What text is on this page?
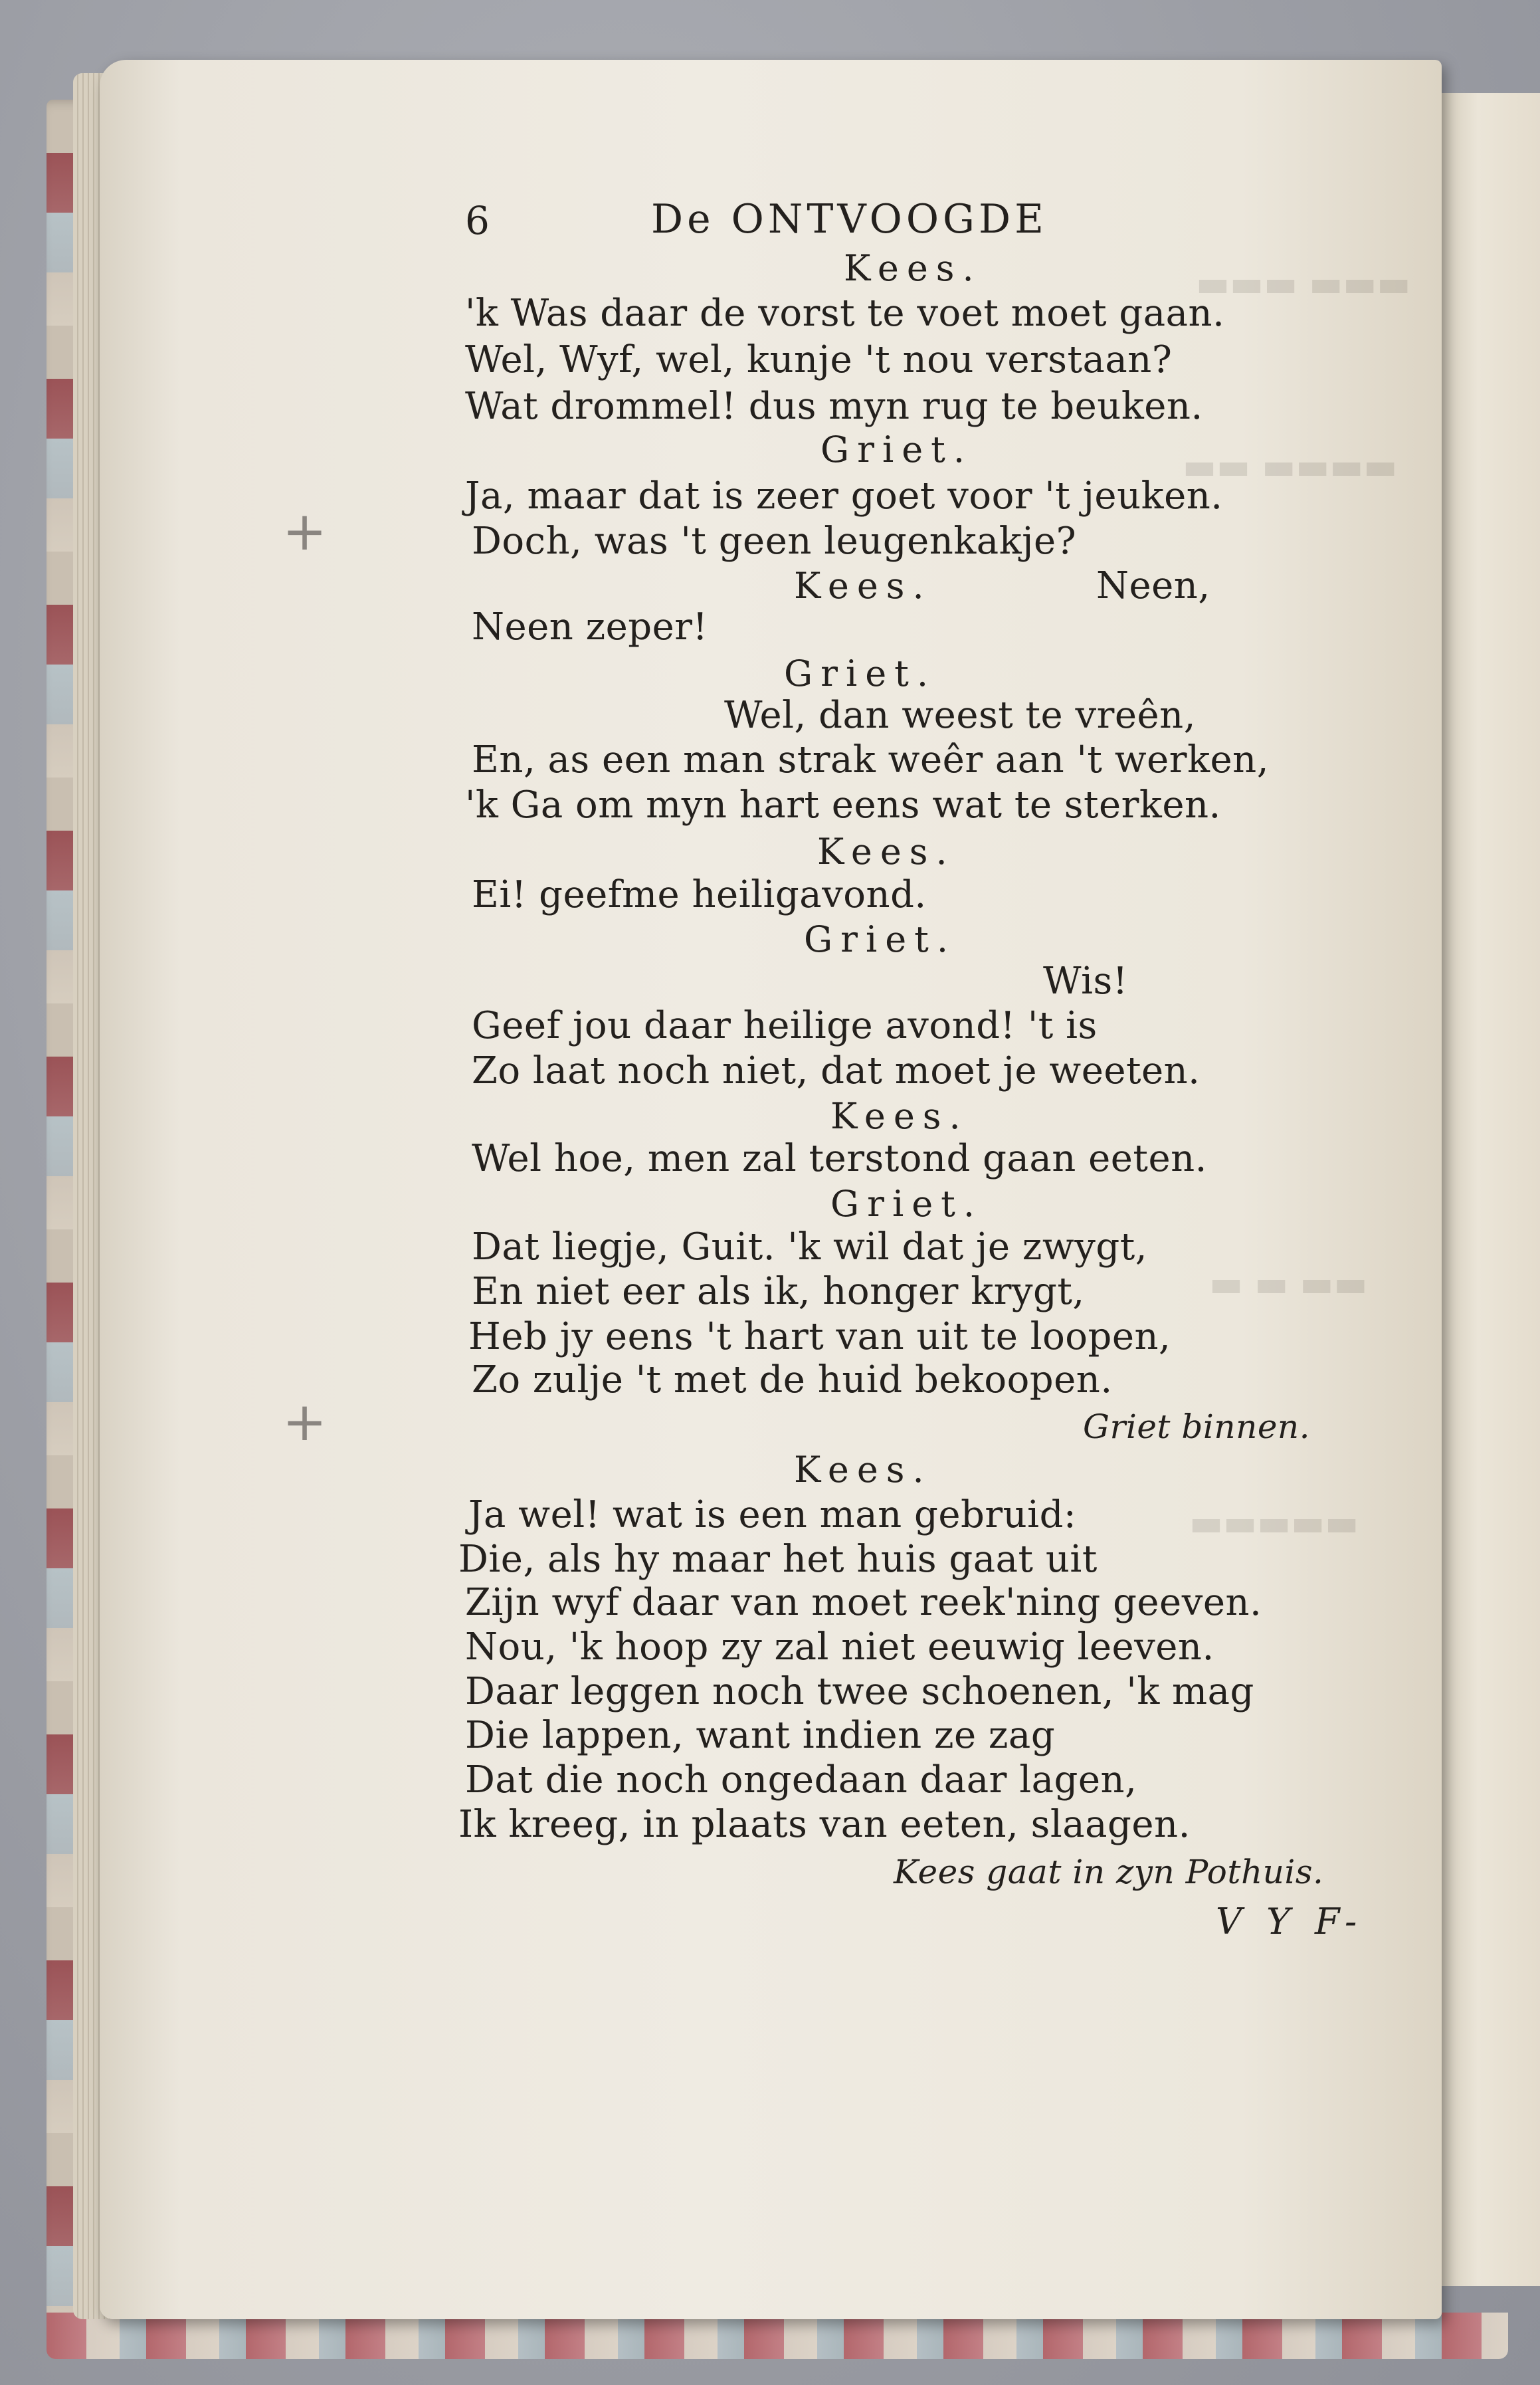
▬▬▬ ▬▬▬
▬▬▬▬ ▬▬
▬▬ ▬ ▬
▬▬▬▬▬
+
+
6	De ONTVOOGDE
Kees.
'k Was daar de vorst te voet moet gaan.
Wel, Wyf, wel, kunje 't nou verstaan?
Wat drommel! dus myn rug te beuken.
Griet.
Ja, maar dat is zeer goet voor 't jeuken.
Doch, was 't geen leugenkakje?
Kees.	Neen,
Neen zeper!
Griet.
Wel, dan weest te vreên,
En, as een man strak weêr aan 't werken,
'k Ga om myn hart eens wat te sterken.
Kees.
Ei! geefme heiligavond.
Griet.
Wis!
Geef jou daar heilige avond! 't is
Zo laat noch niet, dat moet je weeten.
Kees.
Wel hoe, men zal terstond gaan eeten.
Griet.
Dat liegje, Guit. 'k wil dat je zwygt,
En niet eer als ik, honger krygt,
Heb jy eens 't hart van uit te loopen,
Zo zulje 't met de huid bekoopen.
Griet binnen.
Kees.
Ja wel! wat is een man gebruid:
Die, als hy maar het huis gaat uit
Zijn wyf daar van moet reek'ning geeven.
Nou, 'k hoop zy zal niet eeuwig leeven.
Daar leggen noch twee schoenen, 'k mag
Die lappen, want indien ze zag
Dat die noch ongedaan daar lagen,
Ik kreeg, in plaats van eeten, slaagen.
Kees gaat in zyn Pothuis.
V Y F-
